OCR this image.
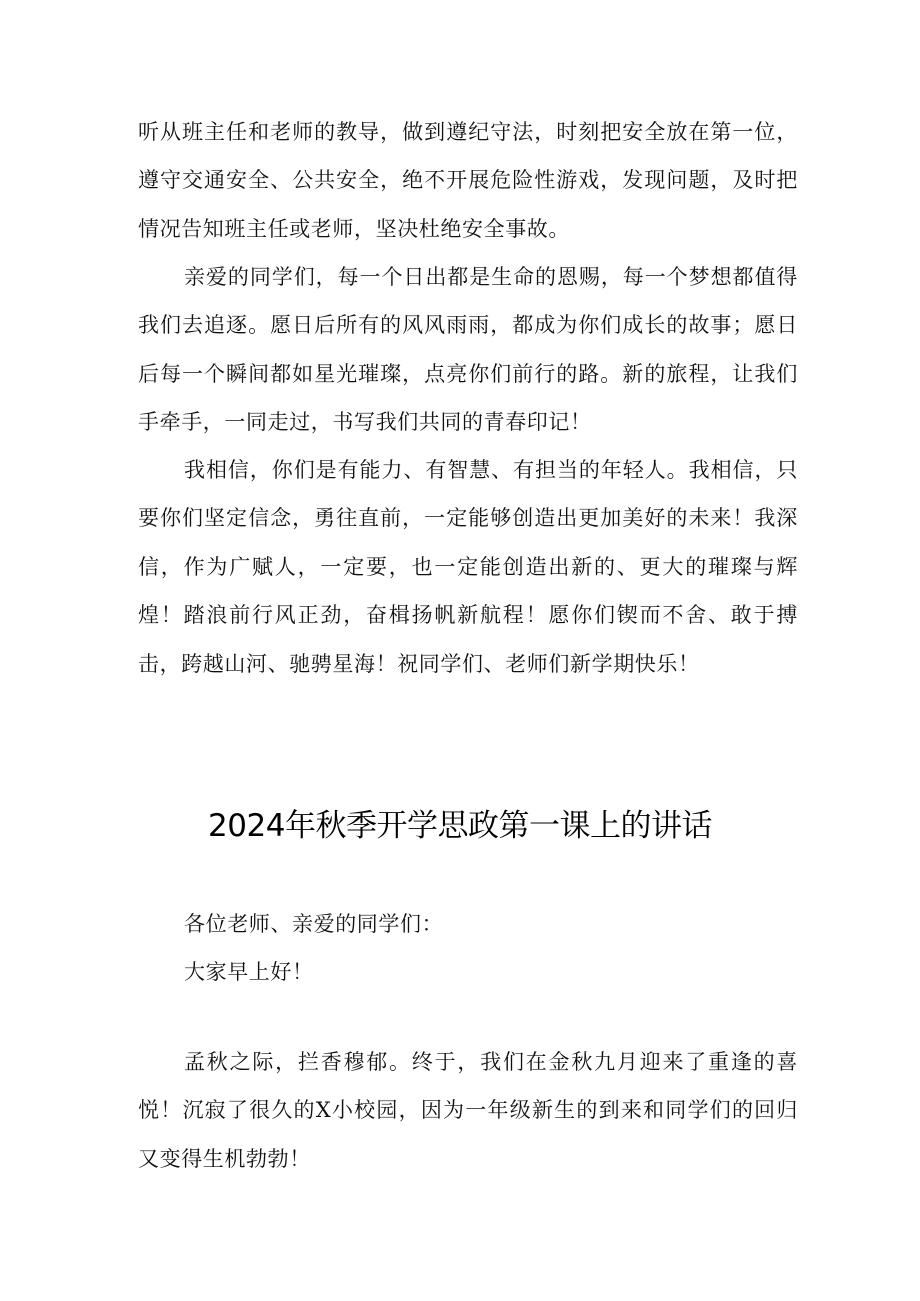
听从班主任和老师的教导，做到遵纪守法，时刻把安全放在第一位，遵守交通安全、公共安全，绝不开展危险性游戏，发现问题，及时把情况告知班主任或老师，坚决杜绝安全事故。

亲爱的同学们，每一个日出都是生命的恩赐，每一个梦想都值得我们去追逐。愿日后所有的风风雨雨，都成为你们成长的故事；愿日后每一个瞬间都如星光璀璨，点亮你们前行的路。新的旅程，让我们手牵手，一同走过，书写我们共同的青春印记！

我相信，你们是有能力、有智慧、有担当的年轻人。我相信，只要你们坚定信念，勇往直前，一定能够创造出更加美好的未来！我深信，作为广赋人，一定要，也一定能创造出新的、更大的璀璨与辉煌！踏浪前行风正劲，奋楫扬帆新航程！愿你们锲而不舍、敢于搏击，跨越山河、驰骋星海！祝同学们、老师们新学期快乐！

2024年秋季开学思政第一课上的讲话

各位老师、亲爱的同学们：

大家早上好！

孟秋之际，拦香穆郁。终于，我们在金秋九月迎来了重逢的喜悦！沉寂了很久的X小校园，因为一年级新生的到来和同学们的回归又变得生机勃勃！
